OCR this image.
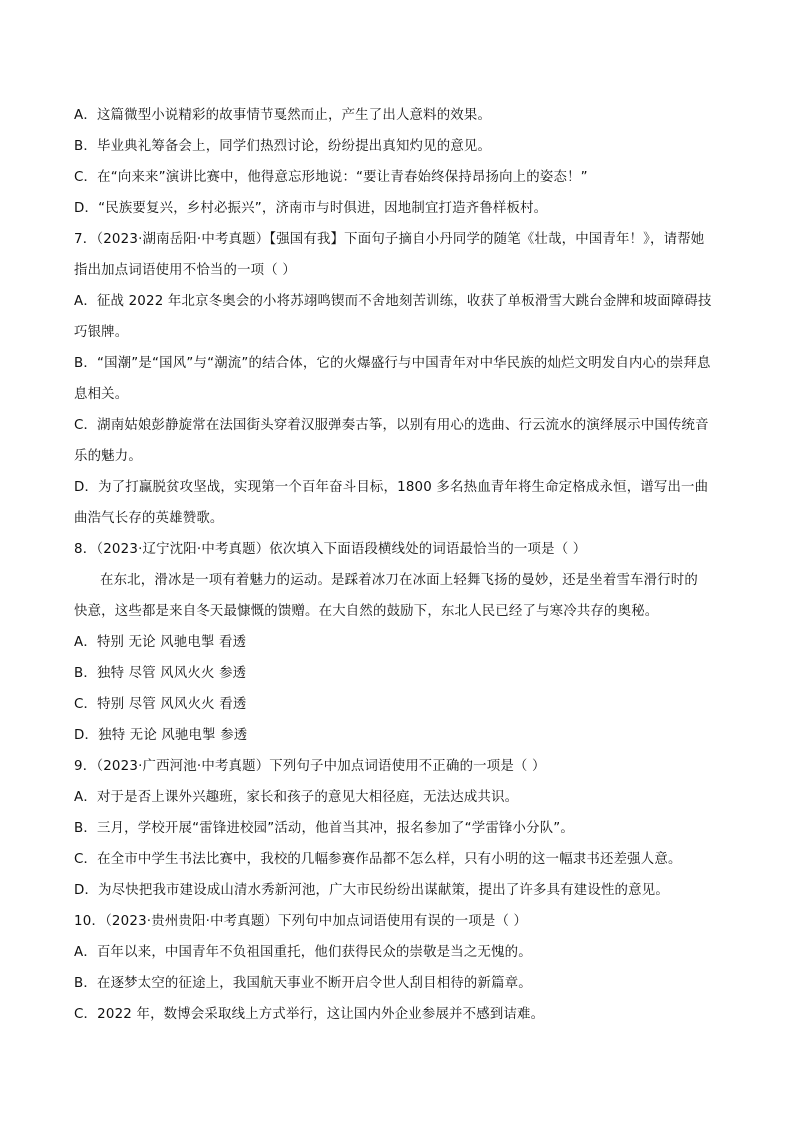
A．这篇微型小说精彩的故事情节戛然而止，产生了出人意料的效果。
B．毕业典礼筹备会上，同学们热烈讨论，纷纷提出真知灼见的意见。
C．在“向来来”演讲比赛中，他得意忘形地说：“要让青春始终保持昂扬向上的姿态！”
D．“民族要复兴，乡村必振兴”，济南市与时俱进，因地制宜打造齐鲁样板村。
7．（2023·湖南岳阳·中考真题）【强国有我】下面句子摘自小丹同学的随笔《壮哉，中国青年！》，请帮她
指出加点词语使用不恰当的一项（ ）
A．征战 2022 年北京冬奥会的小将苏翊鸣锲而不舍地刻苦训练，收获了单板滑雪大跳台金牌和坡面障碍技
巧银牌。
B．“国潮”是“国风”与“潮流”的结合体，它的火爆盛行与中国青年对中华民族的灿烂文明发自内心的崇拜息
息相关。
C．湖南姑娘彭静旋常在法国街头穿着汉服弹奏古筝，以别有用心的选曲、行云流水的演绎展示中国传统音
乐的魅力。
D．为了打赢脱贫攻坚战，实现第一个百年奋斗目标，1800 多名热血青年将生命定格成永恒，谱写出一曲
曲浩气长存的英雄赞歌。
8．（2023·辽宁沈阳·中考真题）依次填入下面语段横线处的词语最恰当的一项是（ ）
在东北，滑冰是一项有着魅力的运动。是踩着冰刀在冰面上轻舞飞扬的曼妙，还是坐着雪车滑行时的
快意，这些都是来自冬天最慷慨的馈赠。在大自然的鼓励下，东北人民已经了与寒冷共存的奥秘。
A．特别 无论 风驰电掣 看透
B．独特 尽管 风风火火 参透
C．特别 尽管 风风火火 看透
D．独特 无论 风驰电掣 参透
9．（2023·广西河池·中考真题）下列句子中加点词语使用不正确的一项是（ ）
A．对于是否上课外兴趣班，家长和孩子的意见大相径庭，无法达成共识。
B．三月，学校开展“雷锋进校园”活动，他首当其冲，报名参加了“学雷锋小分队”。
C．在全市中学生书法比赛中，我校的几幅参赛作品都不怎么样，只有小明的这一幅隶书还差强人意。
D．为尽快把我市建设成山清水秀新河池，广大市民纷纷出谋献策，提出了许多具有建设性的意见。
10．（2023·贵州贵阳·中考真题）下列句中加点词语使用有误的一项是（ ）
A．百年以来，中国青年不负祖国重托，他们获得民众的崇敬是当之无愧的。
B．在逐梦太空的征途上，我国航天事业不断开启令世人刮目相待的新篇章。
C．2022 年，数博会采取线上方式举行，这让国内外企业参展并不感到诘难。
